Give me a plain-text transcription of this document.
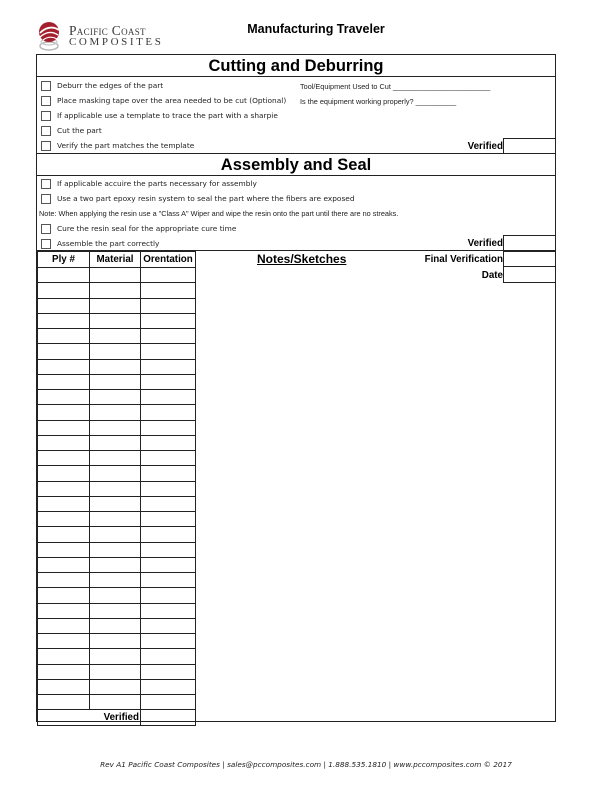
Pacific Coast
COMPOSITES
Manufacturing Traveler
Cutting and Deburring
Deburr the edges of the part
Place masking tape over the area needed to be cut (Optional)
If applicable use a template to trace the part with a sharpie
Cut the part
Verify the part matches the template
Tool/Equipment Used to Cut
________________________
Is the equipment working properly?
__________
Verified
Assembly and Seal
If applicable accuire the parts necessary for assembly
Use a two part epoxy resin system to seal the part where the fibers are exposed
Note: When applying the resin use a "Class A" Wiper and wipe the resin onto the part until there are no streaks.
Cure the resin seal for the appropriate cure time
Assemble the part correctly	Verified
Ply #	Material	Orentation

Verified		
Notes/Sketches	Final Verification
Date
Rev A1 Pacific Coast Composites | sales@pccomposites.com | 1.888.535.1810 | www.pccomposites.com © 2017
